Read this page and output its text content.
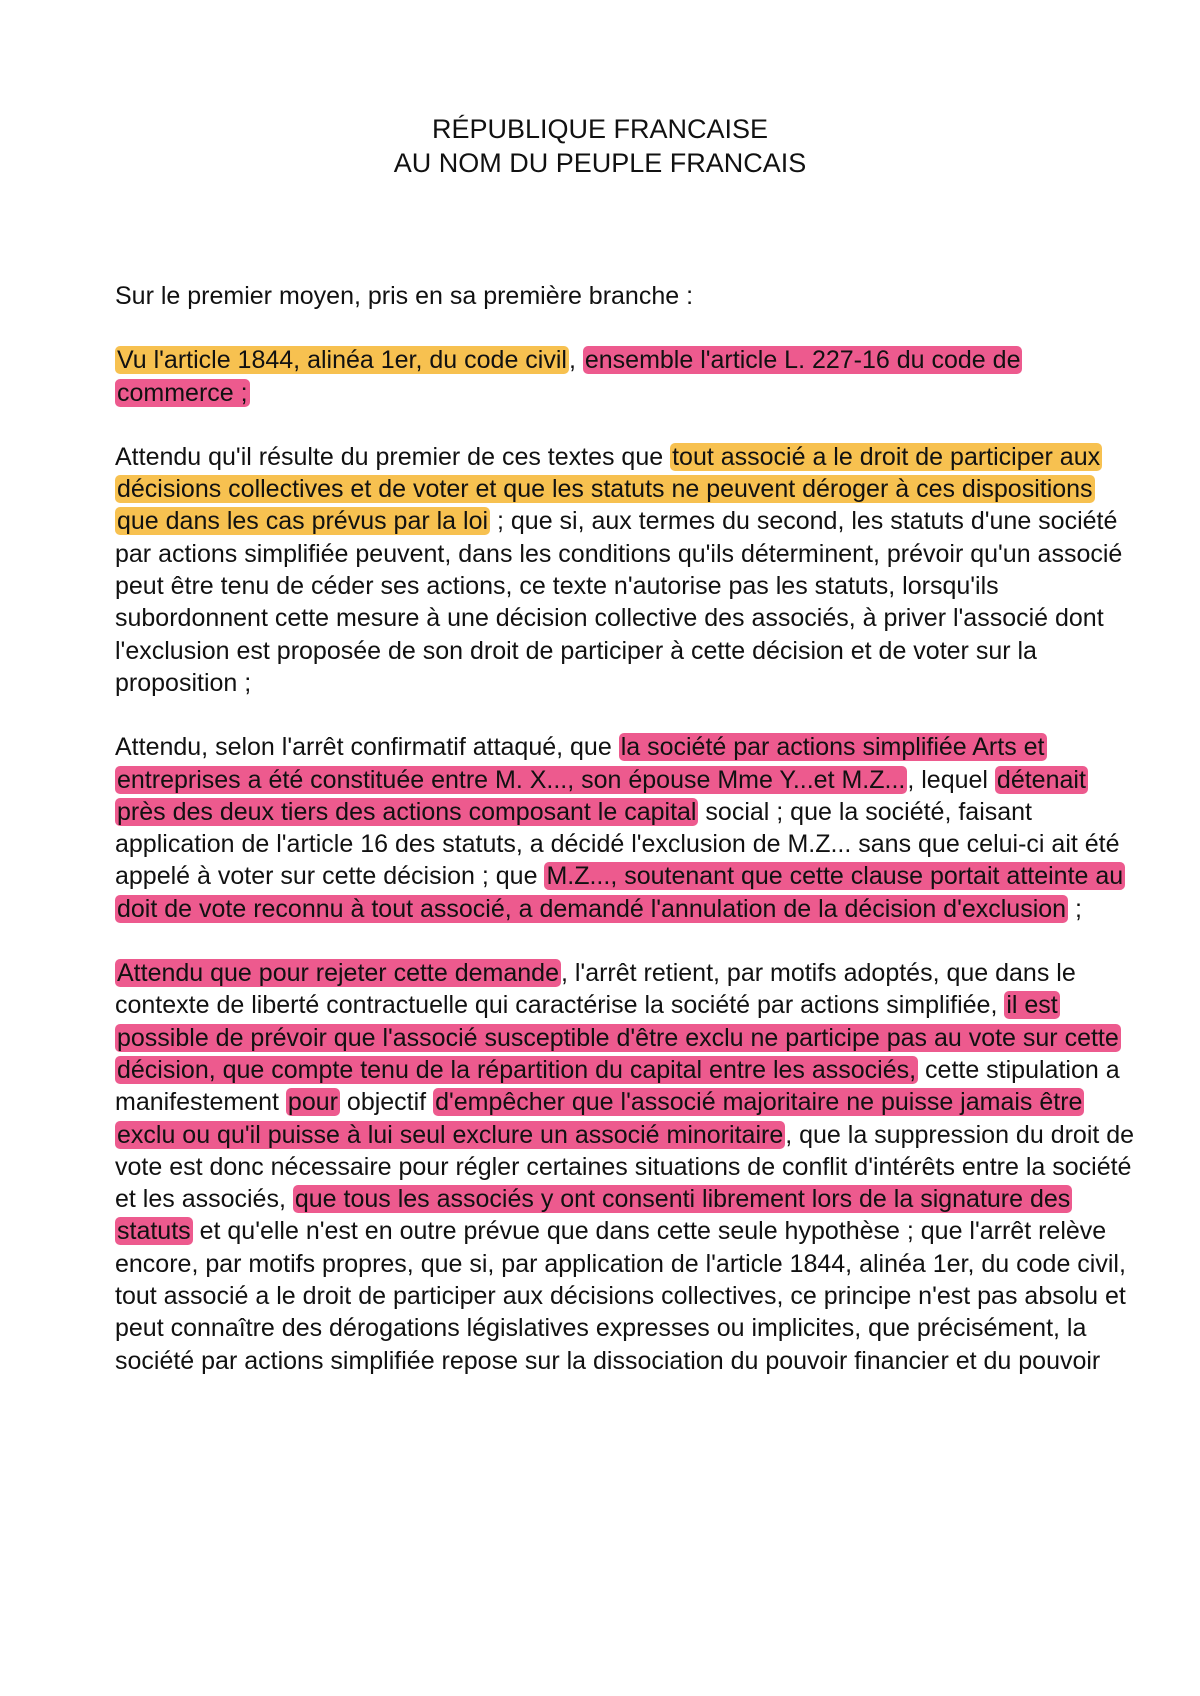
RÉPUBLIQUE FRANCAISE
AU NOM DU PEUPLE FRANCAIS

Sur le premier moyen, pris en sa première branche :

Vu l'article 1844, alinéa 1er, du code civil, ensemble l'article L. 227-16 du code de commerce ;

Attendu qu'il résulte du premier de ces textes que tout associé a le droit de participer aux décisions collectives et de voter et que les statuts ne peuvent déroger à ces dispositions que dans les cas prévus par la loi ; que si, aux termes du second, les statuts d'une société par actions simplifiée peuvent, dans les conditions qu'ils déterminent, prévoir qu'un associé peut être tenu de céder ses actions, ce texte n'autorise pas les statuts, lorsqu'ils subordonnent cette mesure à une décision collective des associés, à priver l'associé dont l'exclusion est proposée de son droit de participer à cette décision et de voter sur la proposition ;

Attendu, selon l'arrêt confirmatif attaqué, que la société par actions simplifiée Arts et entreprises a été constituée entre M. X..., son épouse Mme Y...et M.Z..., lequel détenait près des deux tiers des actions composant le capital social ; que la société, faisant application de l'article 16 des statuts, a décidé l'exclusion de M.Z... sans que celui-ci ait été appelé à voter sur cette décision ; que M.Z..., soutenant que cette clause portait atteinte au doit de vote reconnu à tout associé, a demandé l'annulation de la décision d'exclusion ;

Attendu que pour rejeter cette demande, l'arrêt retient, par motifs adoptés, que dans le contexte de liberté contractuelle qui caractérise la société par actions simplifiée, il est possible de prévoir que l'associé susceptible d'être exclu ne participe pas au vote sur cette décision, que compte tenu de la répartition du capital entre les associés, cette stipulation a manifestement pour objectif d'empêcher que l'associé majoritaire ne puisse jamais être exclu ou qu'il puisse à lui seul exclure un associé minoritaire, que la suppression du droit de vote est donc nécessaire pour régler certaines situations de conflit d'intérêts entre la société et les associés, que tous les associés y ont consenti librement lors de la signature des statuts et qu'elle n'est en outre prévue que dans cette seule hypothèse ; que l'arrêt relève encore, par motifs propres, que si, par application de l'article 1844, alinéa 1er, du code civil, tout associé a le droit de participer aux décisions collectives, ce principe n'est pas absolu et peut connaître des dérogations législatives expresses ou implicites, que précisément, la société par actions simplifiée repose sur la dissociation du pouvoir financier et du pouvoir
